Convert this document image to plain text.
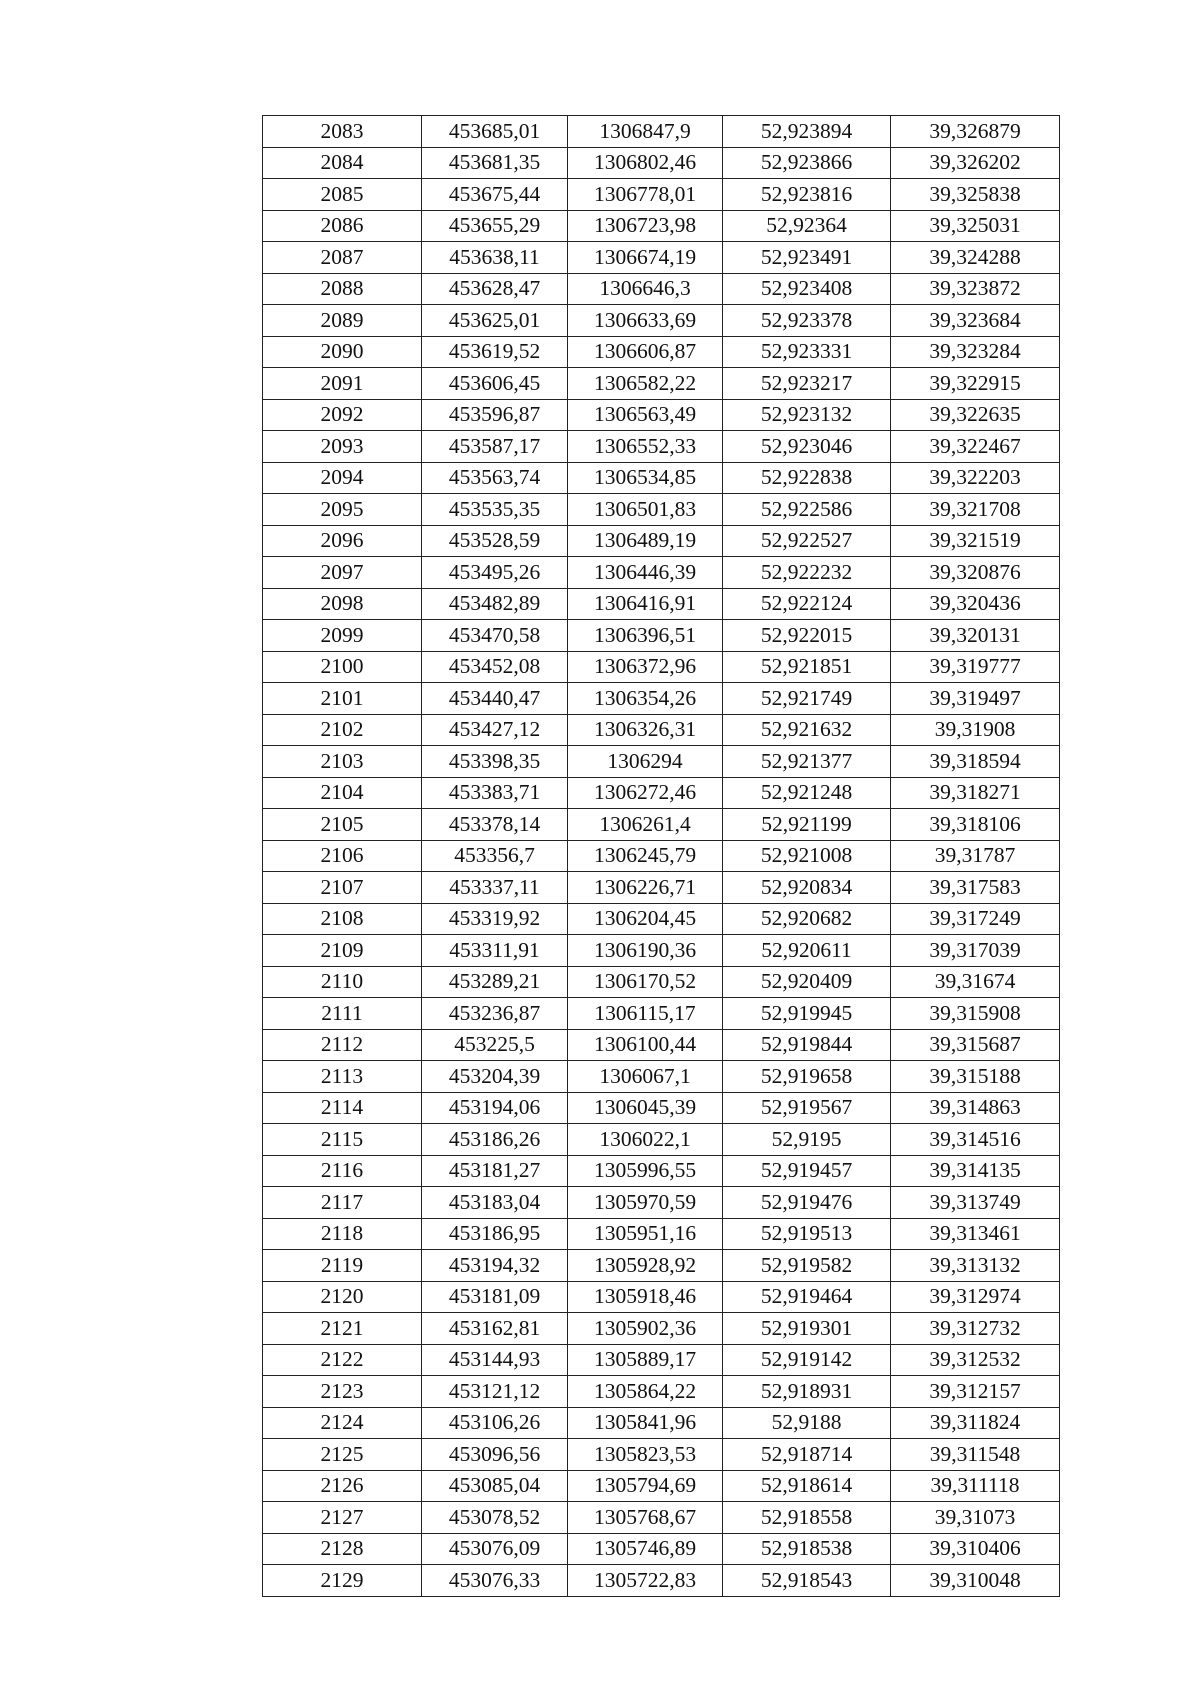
2083	453685,01	1306847,9	52,923894	39,326879
2084	453681,35	1306802,46	52,923866	39,326202
2085	453675,44	1306778,01	52,923816	39,325838
2086	453655,29	1306723,98	52,92364	39,325031
2087	453638,11	1306674,19	52,923491	39,324288
2088	453628,47	1306646,3	52,923408	39,323872
2089	453625,01	1306633,69	52,923378	39,323684
2090	453619,52	1306606,87	52,923331	39,323284
2091	453606,45	1306582,22	52,923217	39,322915
2092	453596,87	1306563,49	52,923132	39,322635
2093	453587,17	1306552,33	52,923046	39,322467
2094	453563,74	1306534,85	52,922838	39,322203
2095	453535,35	1306501,83	52,922586	39,321708
2096	453528,59	1306489,19	52,922527	39,321519
2097	453495,26	1306446,39	52,922232	39,320876
2098	453482,89	1306416,91	52,922124	39,320436
2099	453470,58	1306396,51	52,922015	39,320131
2100	453452,08	1306372,96	52,921851	39,319777
2101	453440,47	1306354,26	52,921749	39,319497
2102	453427,12	1306326,31	52,921632	39,31908
2103	453398,35	1306294	52,921377	39,318594
2104	453383,71	1306272,46	52,921248	39,318271
2105	453378,14	1306261,4	52,921199	39,318106
2106	453356,7	1306245,79	52,921008	39,31787
2107	453337,11	1306226,71	52,920834	39,317583
2108	453319,92	1306204,45	52,920682	39,317249
2109	453311,91	1306190,36	52,920611	39,317039
2110	453289,21	1306170,52	52,920409	39,31674
2111	453236,87	1306115,17	52,919945	39,315908
2112	453225,5	1306100,44	52,919844	39,315687
2113	453204,39	1306067,1	52,919658	39,315188
2114	453194,06	1306045,39	52,919567	39,314863
2115	453186,26	1306022,1	52,9195	39,314516
2116	453181,27	1305996,55	52,919457	39,314135
2117	453183,04	1305970,59	52,919476	39,313749
2118	453186,95	1305951,16	52,919513	39,313461
2119	453194,32	1305928,92	52,919582	39,313132
2120	453181,09	1305918,46	52,919464	39,312974
2121	453162,81	1305902,36	52,919301	39,312732
2122	453144,93	1305889,17	52,919142	39,312532
2123	453121,12	1305864,22	52,918931	39,312157
2124	453106,26	1305841,96	52,9188	39,311824
2125	453096,56	1305823,53	52,918714	39,311548
2126	453085,04	1305794,69	52,918614	39,311118
2127	453078,52	1305768,67	52,918558	39,31073
2128	453076,09	1305746,89	52,918538	39,310406
2129	453076,33	1305722,83	52,918543	39,310048
